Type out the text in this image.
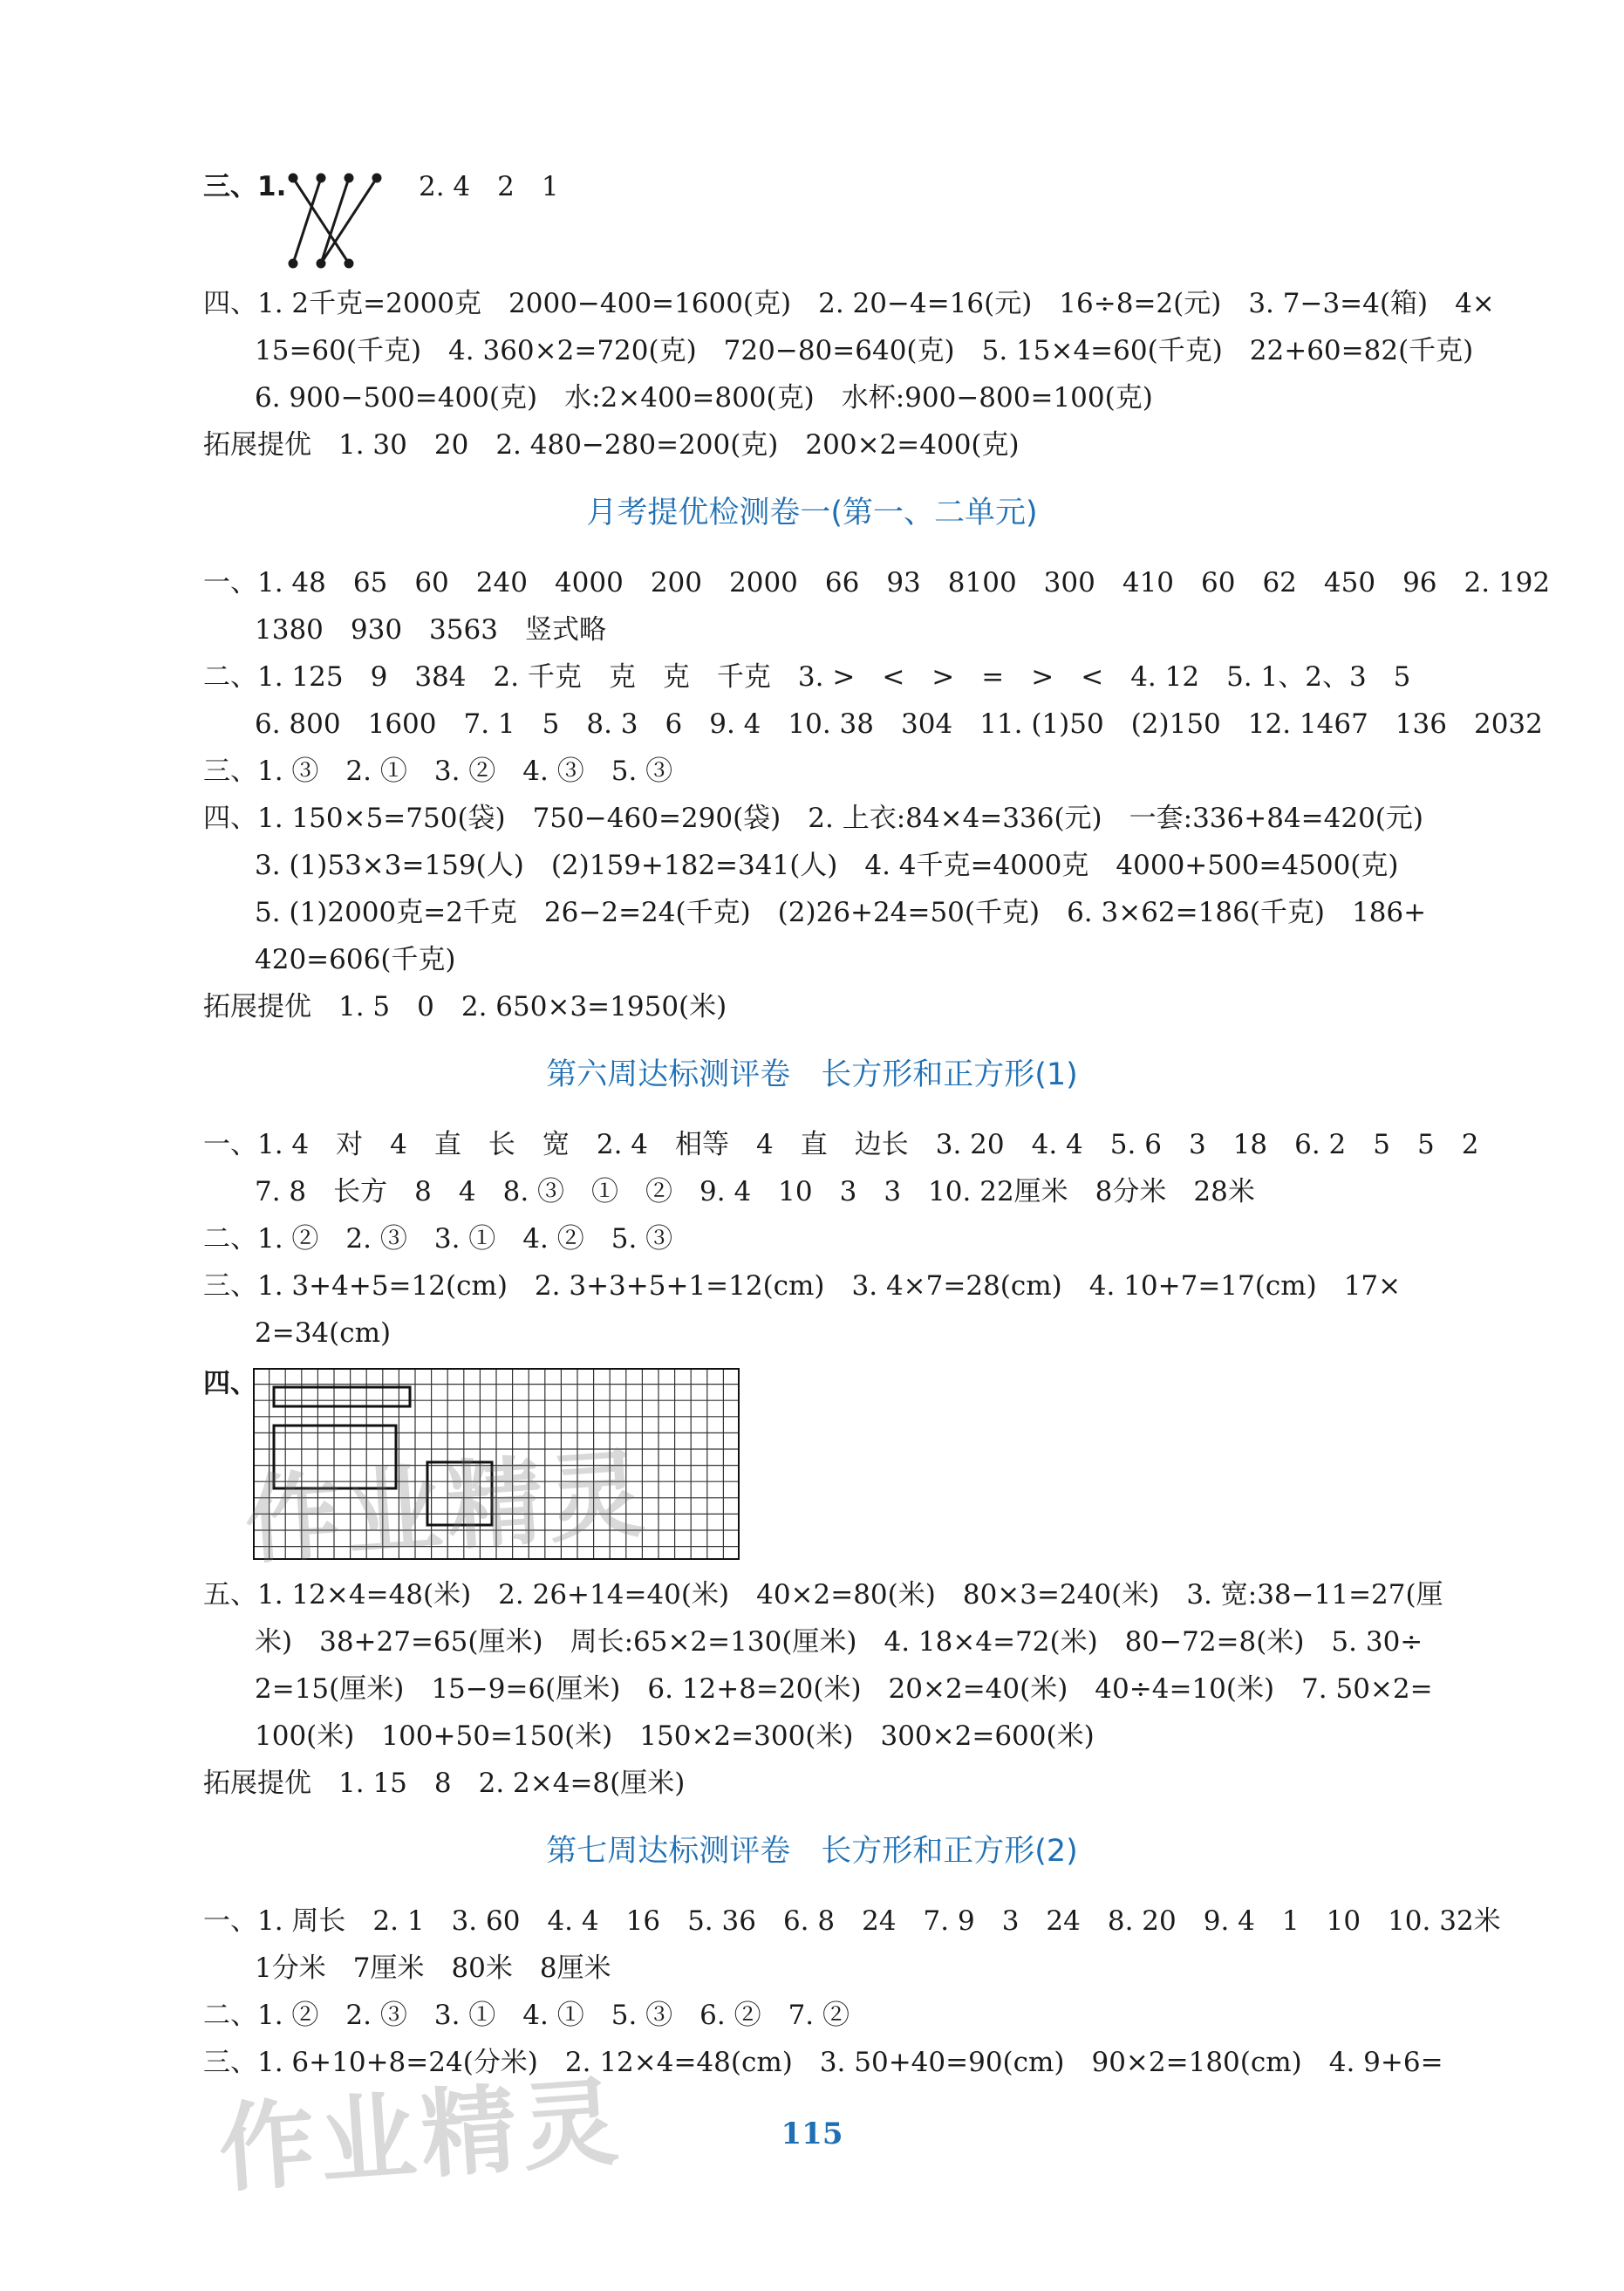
三、1.	2. 4　2　1
四、1. 2千克=2000克　2000−400=1600(克)　2. 20−4=16(元)　16÷8=2(元)　3. 7−3=4(箱)　4×
15=60(千克)　4. 360×2=720(克)　720−80=640(克)　5. 15×4=60(千克)　22+60=82(千克)
6. 900−500=400(克)　水:2×400=800(克)　水杯:900−800=100(克)
拓展提优　1. 30　20　2. 480−280=200(克)　200×2=400(克)
月考提优检测卷一(第一、二单元)
一、1. 48　65　60　240　4000　200　2000　66　93　8100　300　410　60　62　450　96　2. 192
1380　930　3563　竖式略
二、1. 125　9　384　2. 千克　克　克　千克　3. >　<　>　=　>　<　4. 12　5. 1、2、3　5
6. 800　1600　7. 1　5　8. 3　6　9. 4　10. 38　304　11. (1)50　(2)150　12. 1467　136　2032
三、1. ③　2. ①　3. ②　4. ③　5. ③
四、1. 150×5=750(袋)　750−460=290(袋)　2. 上衣:84×4=336(元)　一套:336+84=420(元)
3. (1)53×3=159(人)　(2)159+182=341(人)　4. 4千克=4000克　4000+500=4500(克)
5. (1)2000克=2千克　26−2=24(千克)　(2)26+24=50(千克)　6. 3×62=186(千克)　186+
420=606(千克)
拓展提优　1. 5　0　2. 650×3=1950(米)
第六周达标测评卷　长方形和正方形(1)
一、1. 4　对　4　直　长　宽　2. 4　相等　4　直　边长　3. 20　4. 4　5. 6　3　18　6. 2　5　5　2
7. 8　长方　8　4　8. ③　①　②　9. 4　10　3　3　10. 22厘米　8分米　28米
二、1. ②　2. ③　3. ①　4. ②　5. ③
三、1. 3+4+5=12(cm)　2. 3+3+5+1=12(cm)　3. 4×7=28(cm)　4. 10+7=17(cm)　17×
2=34(cm)
四、
五、1. 12×4=48(米)　2. 26+14=40(米)　40×2=80(米)　80×3=240(米)　3. 宽:38−11=27(厘
米)　38+27=65(厘米)　周长:65×2=130(厘米)　4. 18×4=72(米)　80−72=8(米)　5. 30÷
2=15(厘米)　15−9=6(厘米)　6. 12+8=20(米)　20×2=40(米)　40÷4=10(米)　7. 50×2=
100(米)　100+50=150(米)　150×2=300(米)　300×2=600(米)
拓展提优　1. 15　8　2. 2×4=8(厘米)
第七周达标测评卷　长方形和正方形(2)
一、1. 周长　2. 1　3. 60　4. 4　16　5. 36　6. 8　24　7. 9　3　24　8. 20　9. 4　1　10　10. 32米
1分米　7厘米　80米　8厘米
二、1. ②　2. ③　3. ①　4. ①　5. ③　6. ②　7. ②
三、1. 6+10+8=24(分米)　2. 12×4=48(cm)　3. 50+40=90(cm)　90×2=180(cm)　4. 9+6=
115
作业精灵
作业精灵
